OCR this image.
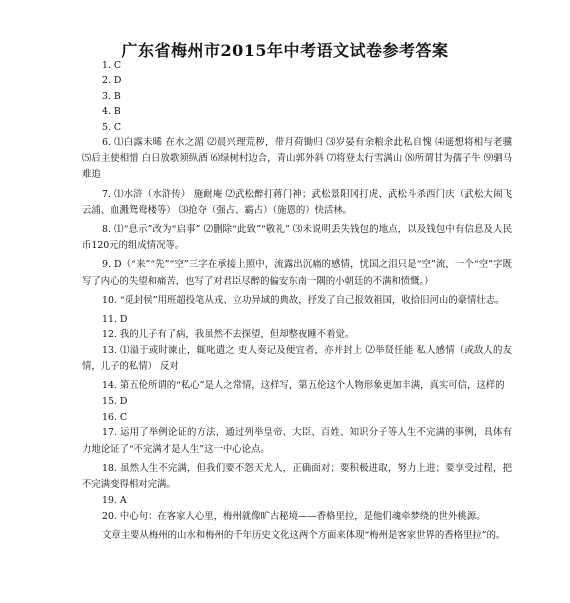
广东省梅州市2015年中考语文试卷参考答案

1. C

2. D

3. B

4. B

5. C

6. ⑴白露未晞 在水之湄 ⑵晨兴理荒秽，带月荷锄归 ⑶岁晏有余粮余此私自愧 ⑷遥想将相与老骥 ⑸后主使相惜 白日放歌须纵酒 ⑹绿树村边合，青山郭外斜 ⑺将登太行雪满山 ⑻所谓甘为孺子牛 ⑼驷马难追

7. ⑴水浒（水浒传） 施耐庵 ⑵武松醉打蒋门神；武松景阳冈打虎、武松斗杀西门庆（武松大闹飞云浦、血溅鸳鸯楼等） ⑶抢夺（强占、霸占）（施恩的）快活林。

8. ⑴“息示”改为“启事” ⑵删除“此致”“敬礼” ⑶未说明丢失钱包的地点，以及钱包中有信息及人民币120元的组成情况等。

9. D（“来”“先”“空”三字在承接上照中，流露出沉痛的感情，忧国之泪只是“空”流，一个“空”字既写了内心的失望和痛苦，也写了对君臣尽醉的偏安东南一隅的小朝廷的不满和愤慨。）

10. “觅封侯”用班超投笔从戎、立功异域的典故，抒发了自己报效祖国，收拾旧河山的豪情壮志。

11. D

12. 我的儿子有了病，我虽然不去探望，但却整夜睡不着觉。

13. ⑴溢于或时谏止，辄叱遣之 吏人奏记及便宜者，亦并封上 ⑵举贤任能 私人感情（或敌人的友情，儿子的私情） 反对

14. 第五伦所谓的“私心”是人之常情，这样写，第五伦这个人物形象更加丰满，真实可信，这样的

15. D

16. C

17. 运用了举例论证的方法，通过列举皇帝、大臣、百姓、知识分子等人生不完满的事例，具体有力地论证了“不完满才是人生”这一中心论点。

18. 虽然人生不完满，但我们要不怨天尤人，正确面对；要积极进取，努力上进；要享受过程，把不完满变得相对完满。

19. A

20. 中心句：在客家人心里，梅州就像旷古秘境——香格里拉，是他们魂牵梦绕的世外桃源。

文章主要从梅州的山水和梅州的千年历史文化这两个方面来体现“梅州是客家世界的香格里拉”的。
